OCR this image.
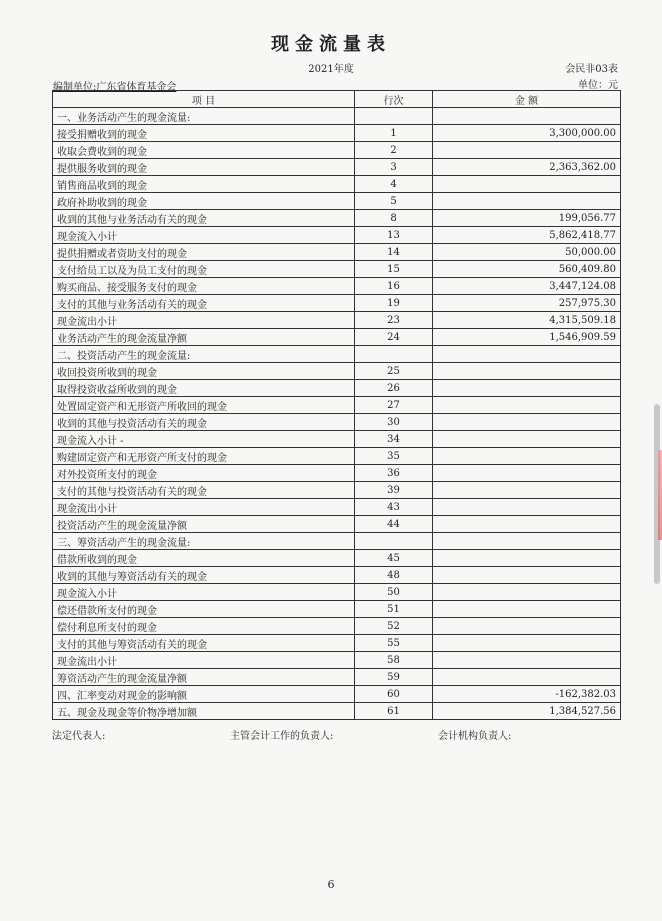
现金流量表
2021年度	会民非03表
编制单位:广东省体育基金会	单位：元
项 目	行次	金 额
一、业务活动产生的现金流量:		
接受捐赠收到的现金	1	3,300,000.00
收取会费收到的现金	2	
提供服务收到的现金	3	2,363,362.00
销售商品收到的现金	4	
政府补助收到的现金	5	
收到的其他与业务活动有关的现金	8	199,056.77
现金流入小计	13	5,862,418.77
提供捐赠或者资助支付的现金	14	50,000.00
支付给员工以及为员工支付的现金	15	560,409.80
购买商品、接受服务支付的现金	16	3,447,124.08
支付的其他与业务活动有关的现金	19	257,975.30
现金流出小计	23	4,315,509.18
业务活动产生的现金流量净额	24	1,546,909.59
二、投资活动产生的现金流量:		
收回投资所收到的现金	25	
取得投资收益所收到的现金	26	
处置固定资产和无形资产所收回的现金	27	
收到的其他与投资活动有关的现金	30	
现金流入小计 -	34	
购建固定资产和无形资产所支付的现金	35	
对外投资所支付的现金	36	
支付的其他与投资活动有关的现金	39	
现金流出小计	43	
投资活动产生的现金流量净额	44	
三、筹资活动产生的现金流量:		
借款所收到的现金	45	
收到的其他与筹资活动有关的现金	48	
现金流入小计	50	
偿还借款所支付的现金	51	
偿付利息所支付的现金	52	
支付的其他与筹资活动有关的现金	55	
现金流出小计	58	
筹资活动产生的现金流量净额	59	
四、汇率变动对现金的影响额	60	-162,382.03
五、现金及现金等价物净增加额	61	1,384,527.56
法定代表人:	主管会计工作的负责人:	会计机构负责人:
6
